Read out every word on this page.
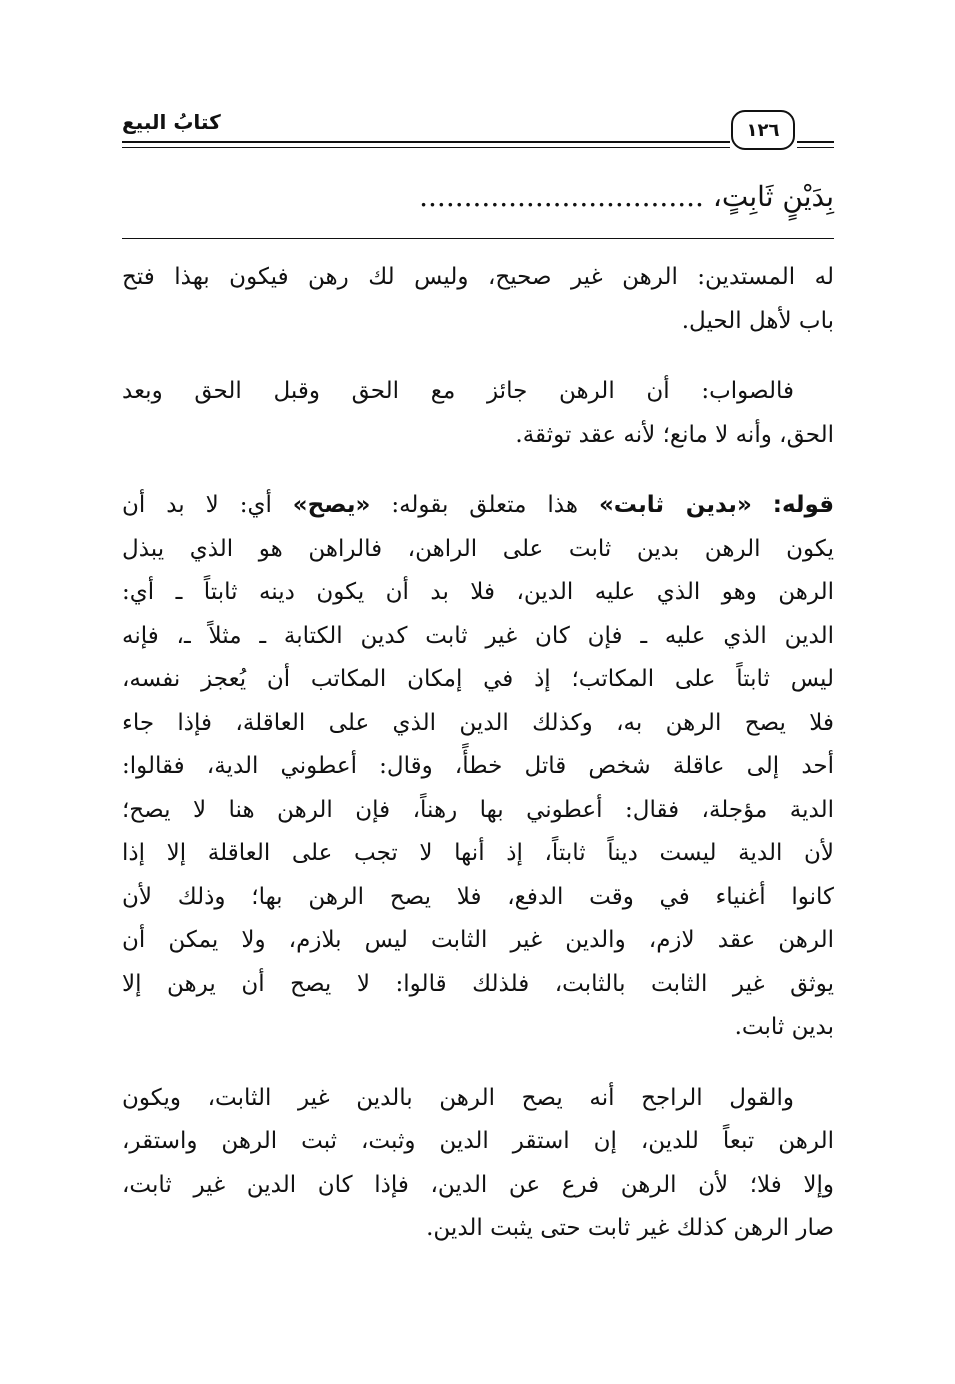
كتابُ البيع	١٢٦
بِدَيْنٍ ثَابِتٍ، ................................
له المستدين: الرهن غير صحيح، وليس لك رهن فيكون بهذا فتح
باب لأهل الحيل.
فالصواب: أن الرهن جائز مع الحق وقبل الحق وبعد
الحق، وأنه لا مانع؛ لأنه عقد توثقة.
قوله: «بدين ثابت» هذا متعلق بقوله: «يصح» أي: لا بد أن
يكون الرهن بدين ثابت على الراهن، فالراهن هو الذي يبذل
الرهن وهو الذي عليه الدين، فلا بد أن يكون دينه ثابتاً ـ أي:
الدين الذي عليه ـ فإن كان غير ثابت كدين الكتابة ـ مثلاً ـ، فإنه
ليس ثابتاً على المكاتب؛ إذ في إمكان المكاتب أن يُعجز نفسه،
فلا يصح الرهن به، وكذلك الدين الذي على العاقلة، فإذا جاء
أحد إلى عاقلة شخص قاتل خطأً، وقال: أعطوني الدية، فقالوا:
الدية مؤجلة، فقال: أعطوني بها رهناً، فإن الرهن هنا لا يصح؛
لأن الدية ليست ديناً ثابتاً، إذ أنها لا تجب على العاقلة إلا إذا
كانوا أغنياء في وقت الدفع، فلا يصح الرهن بها؛ وذلك لأن
الرهن عقد لازم، والدين غير الثابت ليس بلازم، ولا يمكن أن
يوثق غير الثابت بالثابت، فلذلك قالوا: لا يصح أن يرهن إلا
بدين ثابت.
والقول الراجح أنه يصح الرهن بالدين غير الثابت، ويكون
الرهن تبعاً للدين، إن استقر الدين وثبت، ثبت الرهن واستقر،
وإلا فلا؛ لأن الرهن فرع عن الدين، فإذا كان الدين غير ثابت،
صار الرهن كذلك غير ثابت حتى يثبت الدين.
